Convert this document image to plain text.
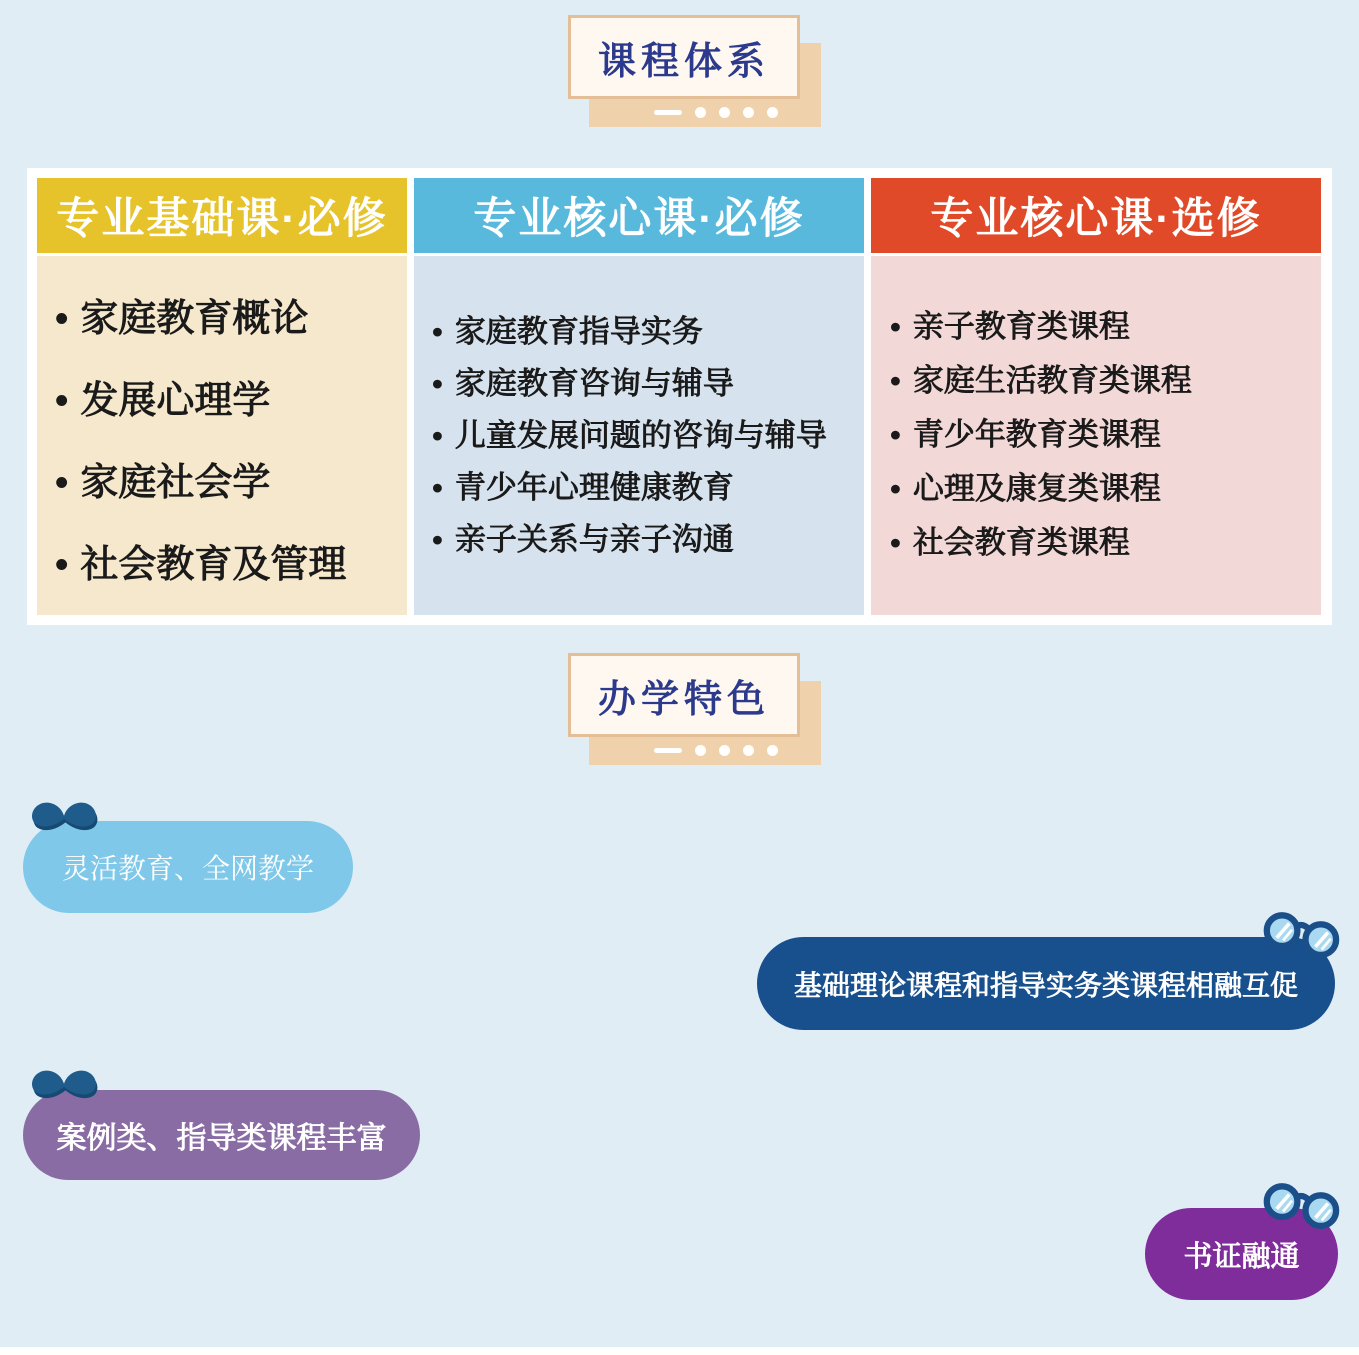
课程体系
专业基础课·必修
• 家庭教育概论
• 发展心理学
• 家庭社会学
• 社会教育及管理
专业核心课·必修
• 家庭教育指导实务
• 家庭教育咨询与辅导
• 儿童发展问题的咨询与辅导
• 青少年心理健康教育
• 亲子关系与亲子沟通
专业核心课·选修
• 亲子教育类课程
• 家庭生活教育类课程
• 青少年教育类课程
• 心理及康复类课程
• 社会教育类课程
办学特色
灵活教育、全网教学
基础理论课程和指导实务类课程相融互促
案例类、指导类课程丰富
书证融通
